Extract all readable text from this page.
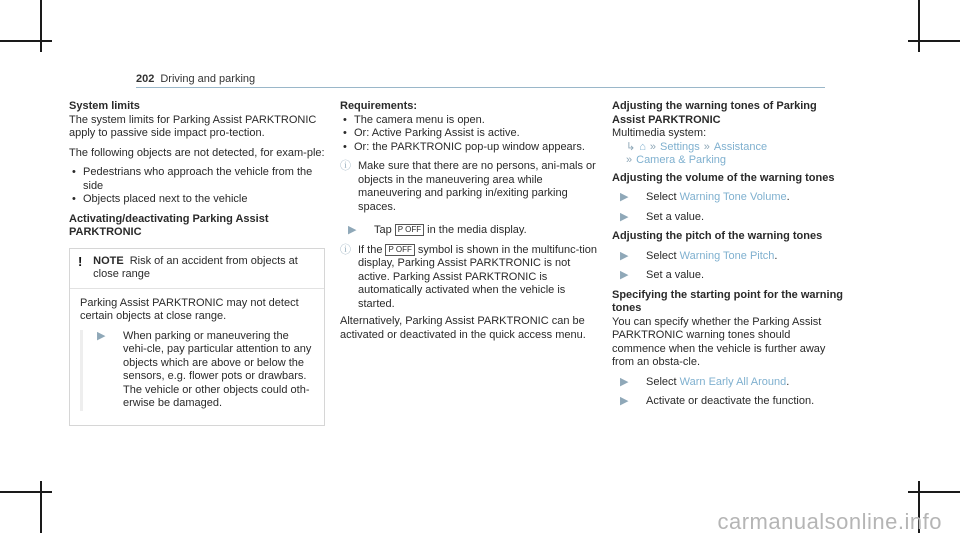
202 Driving and parking

System limits

The system limits for Parking Assist PARKTRONIC apply to passive side impact pro-tection.

The following objects are not detected, for exam-ple:

• Pedestrians who approach the vehicle from the side
• Objects placed next to the vehicle

Activating/deactivating Parking Assist PARKTRONIC

! NOTE Risk of an accident from objects at close range

Parking Assist PARKTRONIC may not detect certain objects at close range.

▶	When parking or maneuvering the vehi-cle, pay particular attention to any objects which are above or below the sensors, e.g. flower pots or drawbars. The vehicle or other objects could oth-erwise be damaged.

Requirements:

• The camera menu is open.
• Or: Active Parking Assist is active.
• Or: the PARKTRONIC pop-up window appears.
ⓘ Make sure that there are no persons, ani-mals or objects in the maneuvering area while maneuvering and parking in/exiting parking spaces.
▶	Tap P OFF in the media display.
ⓘ If the P OFF symbol is shown in the multifunc-tion display, Parking Assist PARKTRONIC is not active. Parking Assist PARKTRONIC is automatically activated when the vehicle is started.

Alternatively, Parking Assist PARKTRONIC can be activated or deactivated in the quick access menu.

Adjusting the warning tones of Parking Assist PARKTRONIC

Multimedia system:

↳ ⌂ » Settings » Assistance
» Camera & Parking

Adjusting the volume of the warning tones

▶	Select Warning Tone Volume.
▶	Set a value.

Adjusting the pitch of the warning tones

▶	Select Warning Tone Pitch.
▶	Set a value.

Specifying the starting point for the warning tones

You can specify whether the Parking Assist PARKTRONIC warning tones should commence when the vehicle is further away from an obsta-cle.

▶	Select Warn Early All Around.
▶	Activate or deactivate the function.
carmanualsonline.info
